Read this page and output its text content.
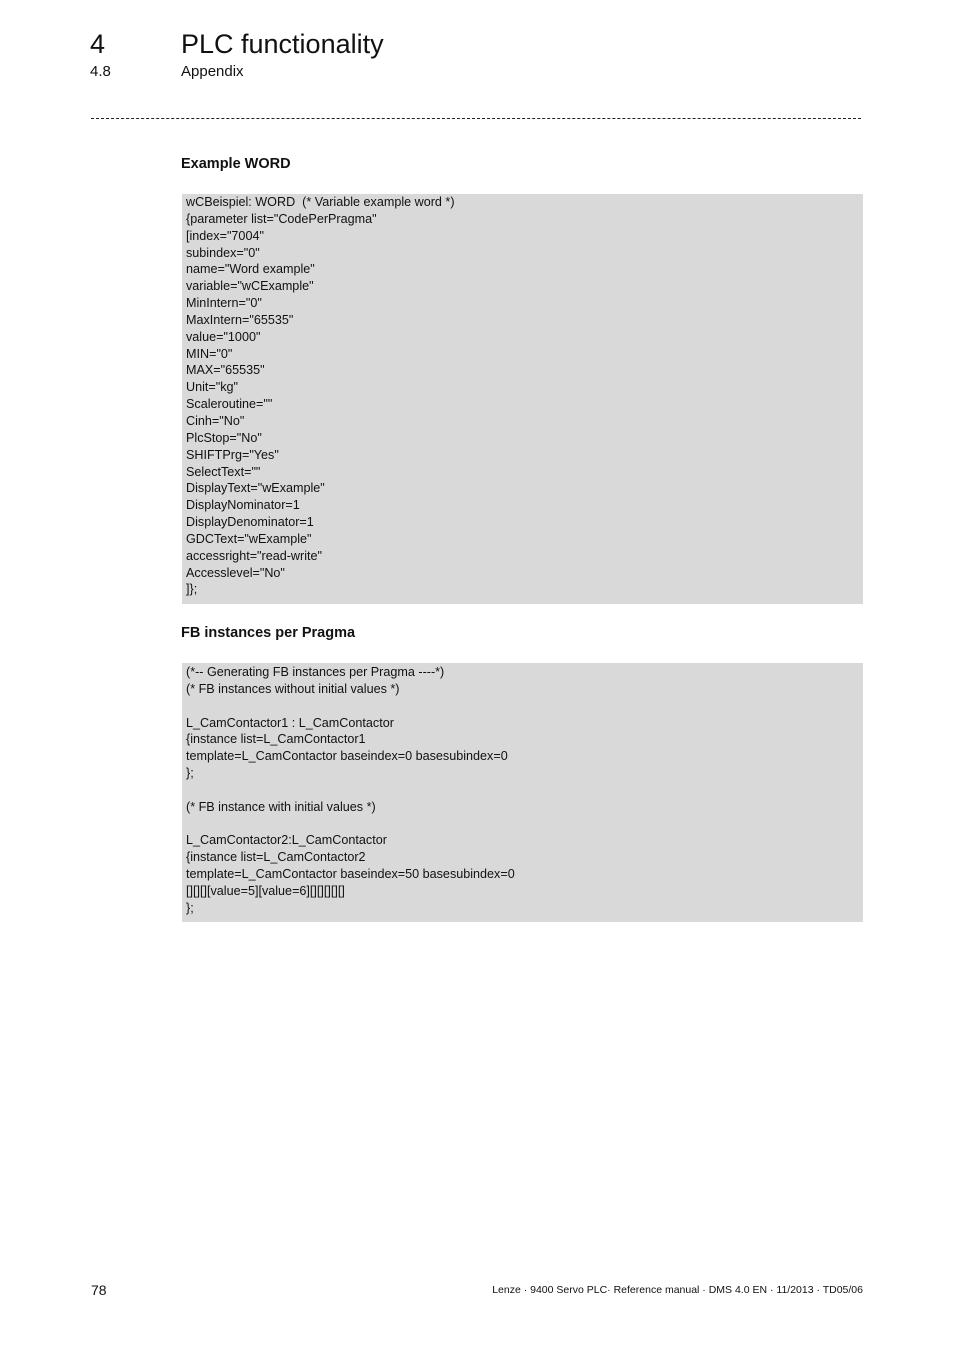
4	PLC functionality
4.8	Appendix
Example WORD
wCBeispiel: WORD  (* Variable example word *)
{parameter list="CodePerPragma"
[index="7004"
subindex="0"
name="Word example"
variable="wCExample"
MinIntern="0"
MaxIntern="65535"
value="1000"
MIN="0"
MAX="65535"
Unit="kg"
Scaleroutine=""
Cinh="No"
PlcStop="No"
SHIFTPrg="Yes"
SelectText=""
DisplayText="wExample"
DisplayNominator=1
DisplayDenominator=1
GDCText="wExample"
accessright="read-write"
Accesslevel="No"
]};
FB instances per Pragma
(*-- Generating FB instances per Pragma ----*)
(* FB instances without initial values *)
L_CamContactor1 : L_CamContactor
{instance list=L_CamContactor1
template=L_CamContactor baseindex=0 basesubindex=0
};
(* FB instance with initial values *)
L_CamContactor2:L_CamContactor
{instance list=L_CamContactor2
template=L_CamContactor baseindex=50 basesubindex=0
[][][][value=5][value=6][][][][][]
};
78	Lenze · 9400 Servo PLC· Reference manual · DMS 4.0 EN · 11/2013 · TD05/06
